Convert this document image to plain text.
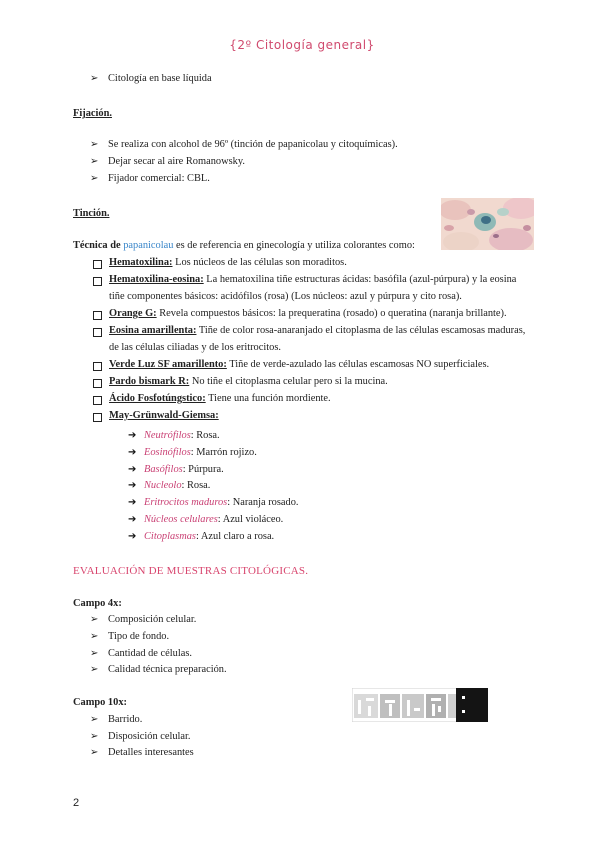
{2º Citología general}
➢ Citología en base líquida
Fijación.
➢ Se realiza con alcohol de 96º (tinción de papanicolau y citoquímicas).
➢ Dejar secar al aire Romanowsky.
➢ Fijador comercial: CBL.
Tinción.
Técnica de papanicolau es de referencia en ginecología y utiliza colorantes como:
Hematoxilina: Los núcleos de las células son moraditos.
Hematoxilina-eosina: La hematoxilina tiñe estructuras ácidas: basófila (azul-púrpura) y la eosina
tiñe componentes básicos: acidófilos (rosa) (Los núcleos: azul y púrpura y cito rosa).
Orange G: Revela compuestos básicos: la prequeratina (rosado) o queratina (naranja brillante).
Eosina amarillenta: Tiñe de color rosa-anaranjado el citoplasma de las células escamosas maduras,
de las células ciliadas y de los eritrocitos.
Verde Luz SF amarillento: Tiñe de verde-azulado las células escamosas NO superficiales.
Pardo bismark R: No tiñe el citoplasma celular pero si la mucina.
Ácido Fosfotúngstico: Tiene una función mordiente.
May-Grünwald-Giemsa:
➔ Neutrófilos: Rosa.
➔ Eosinófilos: Marrón rojizo.
➔ Basófilos: Púrpura.
➔ Nucleolo: Rosa.
➔ Eritrocitos maduros: Naranja rosado.
➔ Núcleos celulares: Azul violáceo.
➔ Citoplasmas: Azul claro a rosa.
EVALUACIÓN DE MUESTRAS CITOLÓGICAS.
Campo 4x:
➢ Composición celular.
➢ Tipo de fondo.
➢ Cantidad de células.
➢ Calidad técnica preparación.
Campo 10x:
➢ Barrido.
➢ Disposición celular.
➢ Detalles interesantes
2
